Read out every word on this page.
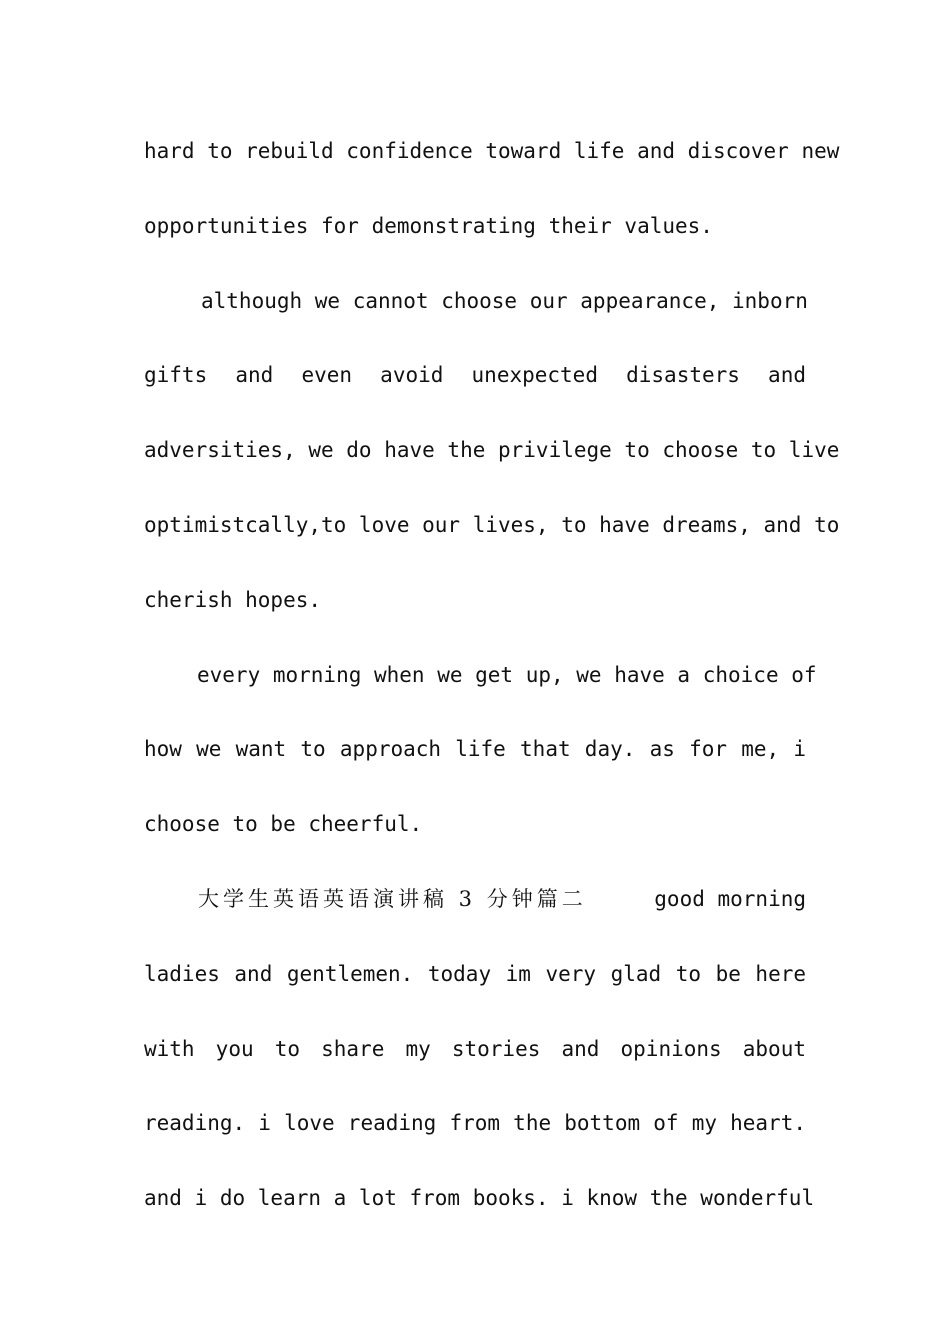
hard to rebuild confidence toward life and discover new
opportunities for demonstrating their values.
although we cannot choose our appearance, inborn
gifts and even avoid unexpected disasters and
adversities, we do have the privilege to choose to live
optimistcally,to love our lives, to have dreams, and to
cherish hopes.
every morning when we get up, we have a choice of
how we want to approach life that day. as for me, i
choose to be cheerful.
大学生英语英语演讲稿 3 分钟篇二	good morning
ladies and gentlemen. today im very glad to be here
with you to share my stories and opinions about
reading. i love reading from the bottom of my heart.
and i do learn a lot from books. i know the wonderful
